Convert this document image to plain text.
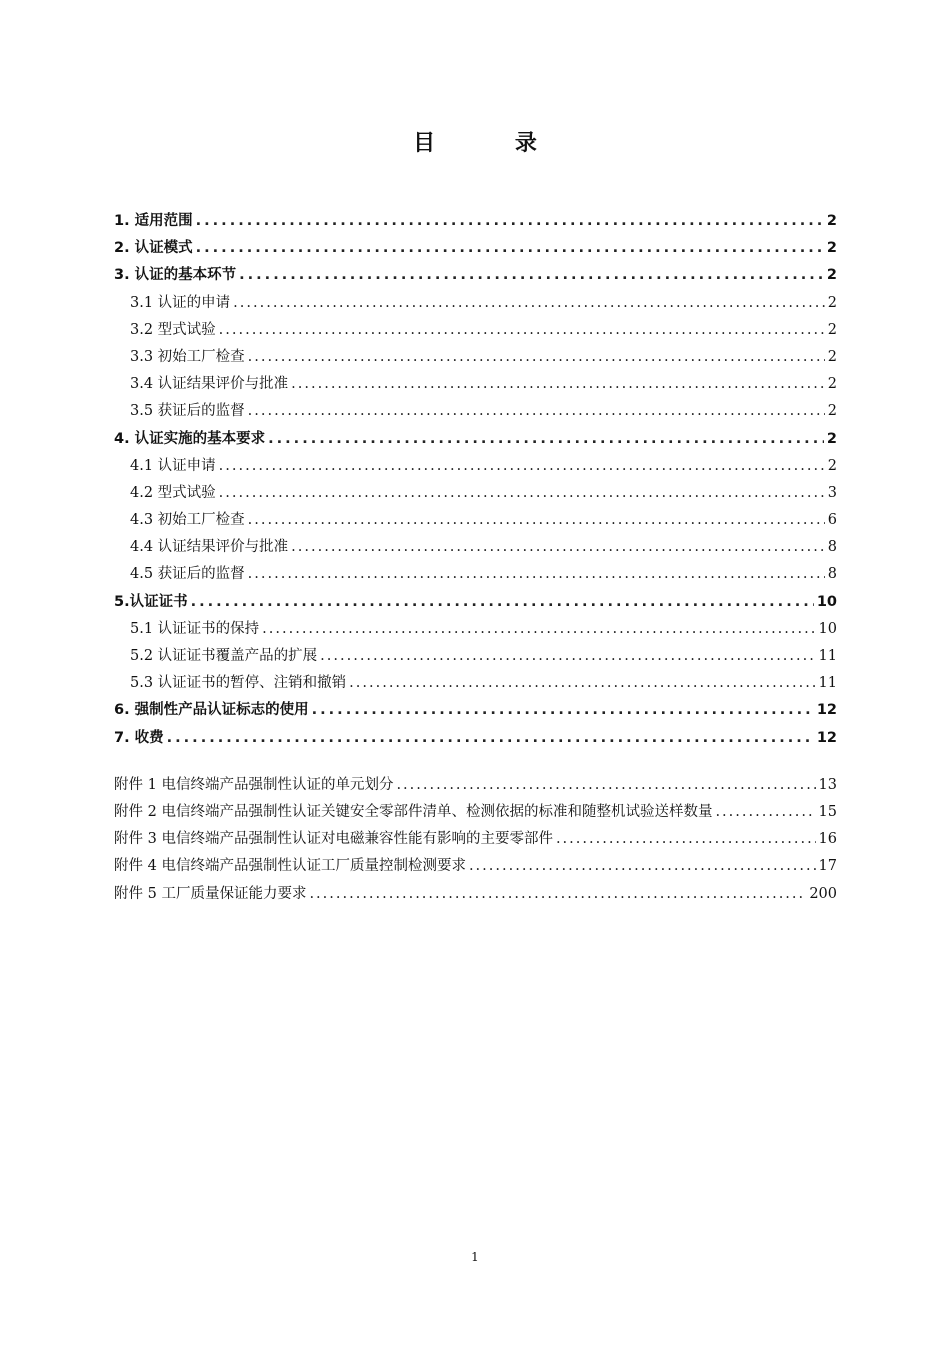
目 录
1. 适用范围 .....	2
2. 认证模式 .....	2
3. 认证的基本环节 .....	2
3.1 认证的申请 .....	2
3.2 型式试验 .....	2
3.3 初始工厂检查 .....	2
3.4 认证结果评价与批准 .....	2
3.5 获证后的监督 .....	2
4. 认证实施的基本要求 .....	2
4.1 认证申请 .....	2
4.2 型式试验 .....	3
4.3 初始工厂检查 .....	6
4.4 认证结果评价与批准 .....	8
4.5 获证后的监督 .....	8
5.认证证书 .....	10
5.1 认证证书的保持 .....	10
5.2 认证证书覆盖产品的扩展 .....	11
5.3 认证证书的暂停、注销和撤销 .....	11
6. 强制性产品认证标志的使用 .....	12
7. 收费 .....	12
附件 1 电信终端产品强制性认证的单元划分 .....	13
附件 2 电信终端产品强制性认证关键安全零部件清单、检测依据的标准和随整机试验送样数量 .....	15
附件 3 电信终端产品强制性认证对电磁兼容性能有影响的主要零部件 .....	16
附件 4 电信终端产品强制性认证工厂质量控制检测要求 .....	17
附件 5 工厂质量保证能力要求 .....	200
1
